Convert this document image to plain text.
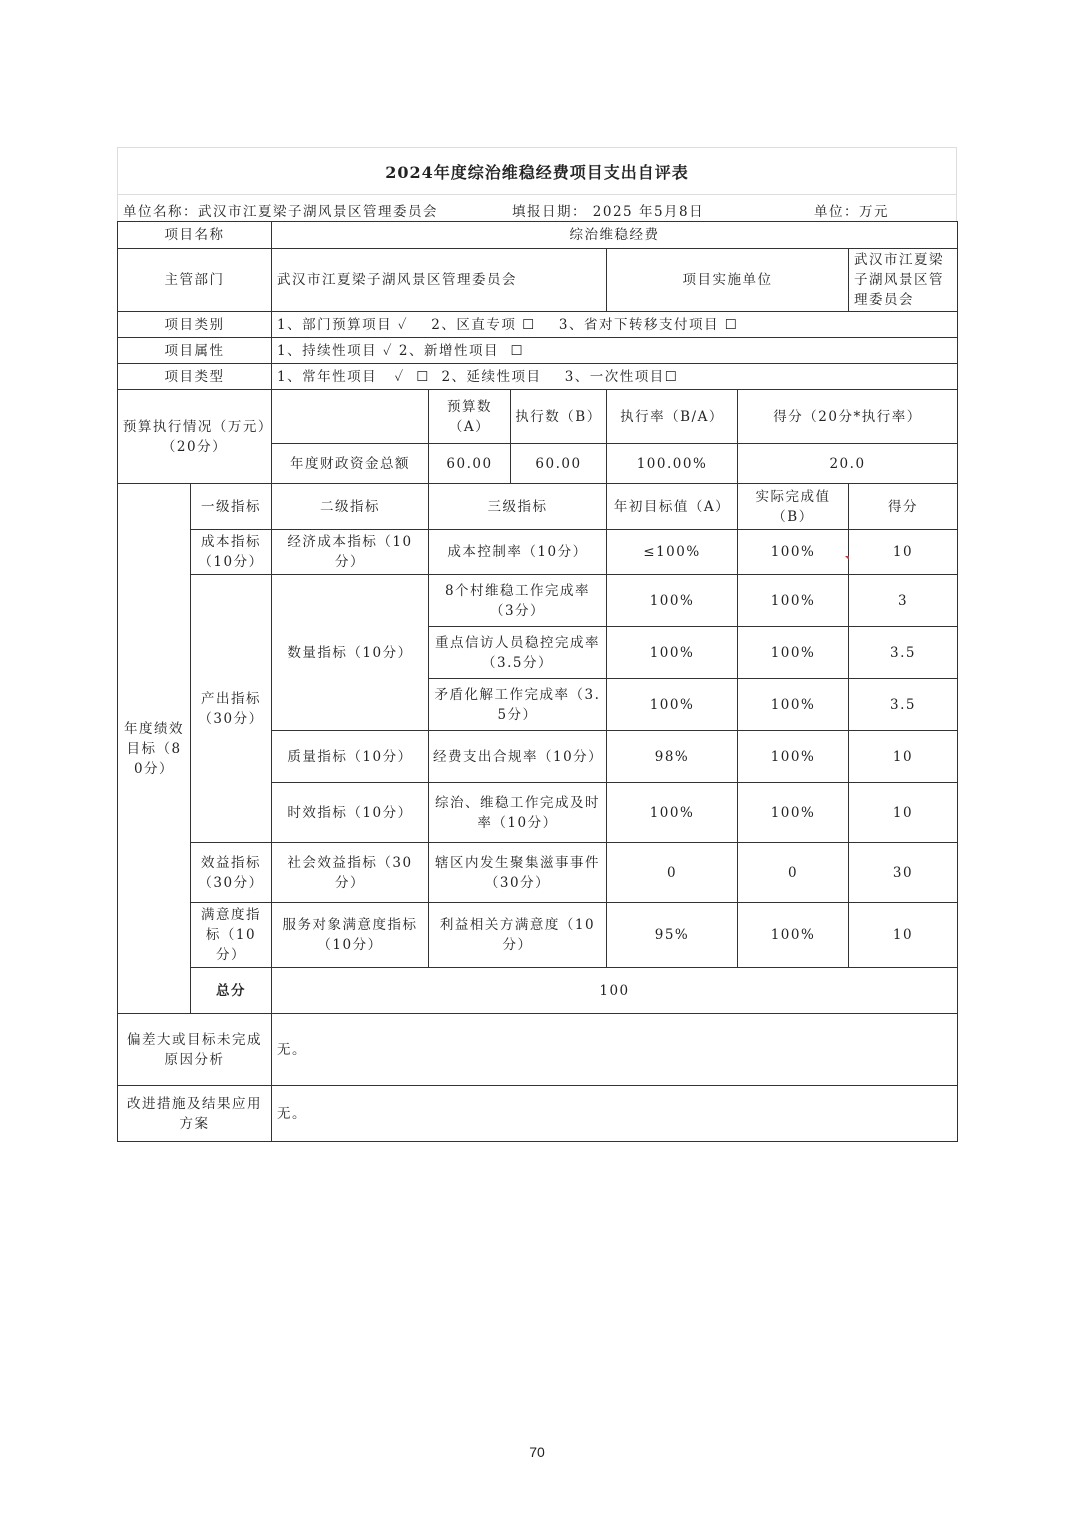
2024年度综治维稳经费项目支出自评表
单位名称：武汉市江夏梁子湖风景区管理委员会	填报日期： 2025 年5月8日	单位：万元
项目名称		综治维稳经费					
主管部门		武汉市江夏梁子湖风景区管理委员会			项目实施单位		武汉市江夏梁子湖风景区管理委员会
项目类别		1、部门预算项目 ✓    2、区直专项 ☐    3、省对下转移支付项目 ☐					
项目属性		1、持续性项目 ✓ 2、新增性项目  ☐					
项目类型		1、常年性项目   ✓  ☐  2、延续性项目    3、一次性项目☐					
预算执行情况（万元）（20分）			预算数（A）	执行数（B）	执行率（B/A）	得分（20分*执行率）	
		年度财政资金总额	60.00	60.00	100.00%	20.0	
年度绩效目标（80分）	一级指标	二级指标	三级指标		年初目标值（A）	实际完成值（B）	得分
	成本指标（10分）	经济成本指标（10分）	成本控制率（10分）		≤100%	100%	10
	产出指标（30分）	数量指标（10分）	8个村维稳工作完成率（3分）		100%	100%	3
			重点信访人员稳控完成率（3.5分）		100%	100%	3.5
			矛盾化解工作完成率（3.5分）		100%	100%	3.5
		质量指标（10分）	经费支出合规率（10分）		98%	100%	10
		时效指标（10分）	综治、维稳工作完成及时率（10分）		100%	100%	10
	效益指标（30分）	社会效益指标（30分）	辖区内发生聚集滋事事件（30分）		0	0	30
	满意度指标（10分）	服务对象满意度指标（10分）	利益相关方满意度（10分）		95%	100%	10
	总分	100					
偏差大或目标未完成原因分析		无。					
改进措施及结果应用方案		无。					
70
